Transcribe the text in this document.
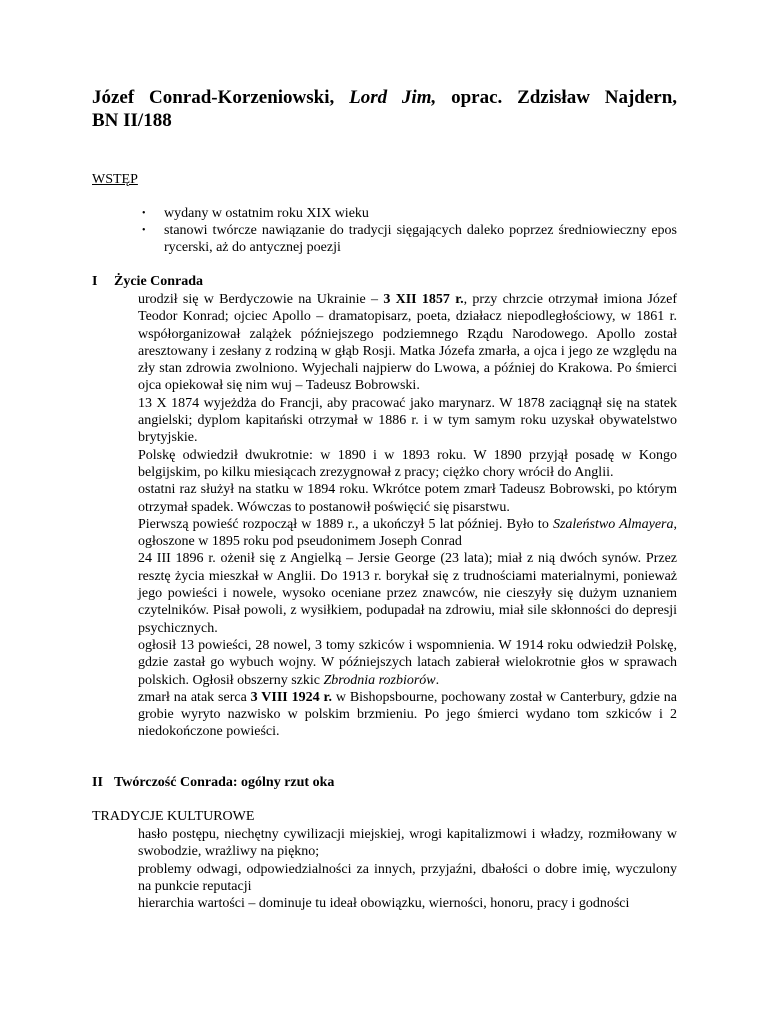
Józef Conrad-Korzeniowski, Lord Jim, oprac. Zdzisław Najdern,
BN II/188
WSTĘP
• wydany w ostatnim roku XIX wieku
• stanowi twórcze nawiązanie do tradycji sięgających daleko poprzez średniowieczny epos rycerski, aż do antycznej poezji
I Życie Conrada

urodził się w Berdyczowie na Ukrainie – 3 XII 1857 r., przy chrzcie otrzymał imiona Józef Teodor Konrad; ojciec Apollo – dramatopisarz, poeta, działacz niepodległościowy, w 1861 r. współorganizował zalążek późniejszego podziemnego Rządu Narodowego. Apollo został aresztowany i zesłany z rodziną w głąb Rosji. Matka Józefa zmarła, a ojca i jego ze względu na zły stan zdrowia zwolniono. Wyjechali najpierw do Lwowa, a później do Krakowa. Po śmierci ojca opiekował się nim wuj – Tadeusz Bobrowski.

13 X 1874 wyjeżdża do Francji, aby pracować jako marynarz. W 1878 zaciągnął się na statek angielski; dyplom kapitański otrzymał w 1886 r. i w tym samym roku uzyskał obywatelstwo brytyjskie.

Polskę odwiedził dwukrotnie: w 1890 i w 1893 roku. W 1890 przyjął posadę w Kongo belgijskim, po kilku miesiącach zrezygnował z pracy; ciężko chory wrócił do Anglii.

ostatni raz służył na statku w 1894 roku. Wkrótce potem zmarł Tadeusz Bobrowski, po którym otrzymał spadek. Wówczas to postanowił poświęcić się pisarstwu.

Pierwszą powieść rozpoczął w 1889 r., a ukończył 5 lat później. Było to Szaleństwo Almayera, ogłoszone w 1895 roku pod pseudonimem Joseph Conrad

24 III 1896 r. ożenił się z Angielką – Jersie George (23 lata); miał z nią dwóch synów. Przez resztę życia mieszkał w Anglii. Do 1913 r. borykał się z trudnościami materialnymi, ponieważ jego powieści i nowele, wysoko oceniane przez znawców, nie cieszyły się dużym uznaniem czytelników. Pisał powoli, z wysiłkiem, podupadał na zdrowiu, miał sile skłonności do depresji psychicznych.

ogłosił 13 powieści, 28 nowel, 3 tomy szkiców i wspomnienia. W 1914 roku odwiedził Polskę, gdzie zastał go wybuch wojny. W późniejszych latach zabierał wielokrotnie głos w sprawach polskich. Ogłosił obszerny szkic Zbrodnia rozbiorów.

zmarł na atak serca 3 VIII 1924 r. w Bishopsbourne, pochowany został w Canterbury, gdzie na grobie wyryto nazwisko w polskim brzmieniu. Po jego śmierci wydano tom szkiców i 2 niedokończone powieści.

II Twórczość Conrada: ogólny rzut oka
TRADYCJE KULTUROWE

hasło postępu, niechętny cywilizacji miejskiej, wrogi kapitalizmowi i władzy, rozmiłowany w swobodzie, wrażliwy na piękno;

problemy odwagi, odpowiedzialności za innych, przyjaźni, dbałości o dobre imię, wyczulony na punkcie reputacji

hierarchia wartości – dominuje tu ideał obowiązku, wierności, honoru, pracy i godności
